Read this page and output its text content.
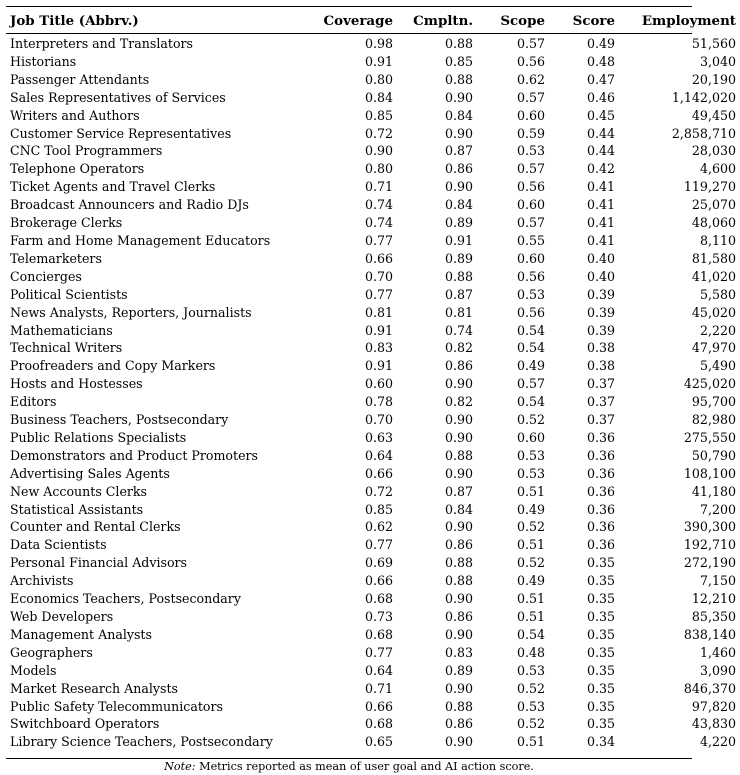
Job Title (Abbrv.)	Coverage	Cmpltn.	Scope	Score	Employment
Interpreters and Translators	0.98	0.88	0.57	0.49	51,560
Historians	0.91	0.85	0.56	0.48	3,040
Passenger Attendants	0.80	0.88	0.62	0.47	20,190
Sales Representatives of Services	0.84	0.90	0.57	0.46	1,142,020
Writers and Authors	0.85	0.84	0.60	0.45	49,450
Customer Service Representatives	0.72	0.90	0.59	0.44	2,858,710
CNC Tool Programmers	0.90	0.87	0.53	0.44	28,030
Telephone Operators	0.80	0.86	0.57	0.42	4,600
Ticket Agents and Travel Clerks	0.71	0.90	0.56	0.41	119,270
Broadcast Announcers and Radio DJs	0.74	0.84	0.60	0.41	25,070
Brokerage Clerks	0.74	0.89	0.57	0.41	48,060
Farm and Home Management Educators	0.77	0.91	0.55	0.41	8,110
Telemarketers	0.66	0.89	0.60	0.40	81,580
Concierges	0.70	0.88	0.56	0.40	41,020
Political Scientists	0.77	0.87	0.53	0.39	5,580
News Analysts, Reporters, Journalists	0.81	0.81	0.56	0.39	45,020
Mathematicians	0.91	0.74	0.54	0.39	2,220
Technical Writers	0.83	0.82	0.54	0.38	47,970
Proofreaders and Copy Markers	0.91	0.86	0.49	0.38	5,490
Hosts and Hostesses	0.60	0.90	0.57	0.37	425,020
Editors	0.78	0.82	0.54	0.37	95,700
Business Teachers, Postsecondary	0.70	0.90	0.52	0.37	82,980
Public Relations Specialists	0.63	0.90	0.60	0.36	275,550
Demonstrators and Product Promoters	0.64	0.88	0.53	0.36	50,790
Advertising Sales Agents	0.66	0.90	0.53	0.36	108,100
New Accounts Clerks	0.72	0.87	0.51	0.36	41,180
Statistical Assistants	0.85	0.84	0.49	0.36	7,200
Counter and Rental Clerks	0.62	0.90	0.52	0.36	390,300
Data Scientists	0.77	0.86	0.51	0.36	192,710
Personal Financial Advisors	0.69	0.88	0.52	0.35	272,190
Archivists	0.66	0.88	0.49	0.35	7,150
Economics Teachers, Postsecondary	0.68	0.90	0.51	0.35	12,210
Web Developers	0.73	0.86	0.51	0.35	85,350
Management Analysts	0.68	0.90	0.54	0.35	838,140
Geographers	0.77	0.83	0.48	0.35	1,460
Models	0.64	0.89	0.53	0.35	3,090
Market Research Analysts	0.71	0.90	0.52	0.35	846,370
Public Safety Telecommunicators	0.66	0.88	0.53	0.35	97,820
Switchboard Operators	0.68	0.86	0.52	0.35	43,830
Library Science Teachers, Postsecondary	0.65	0.90	0.51	0.34	4,220
Note: Metrics reported as mean of user goal and AI action score.
